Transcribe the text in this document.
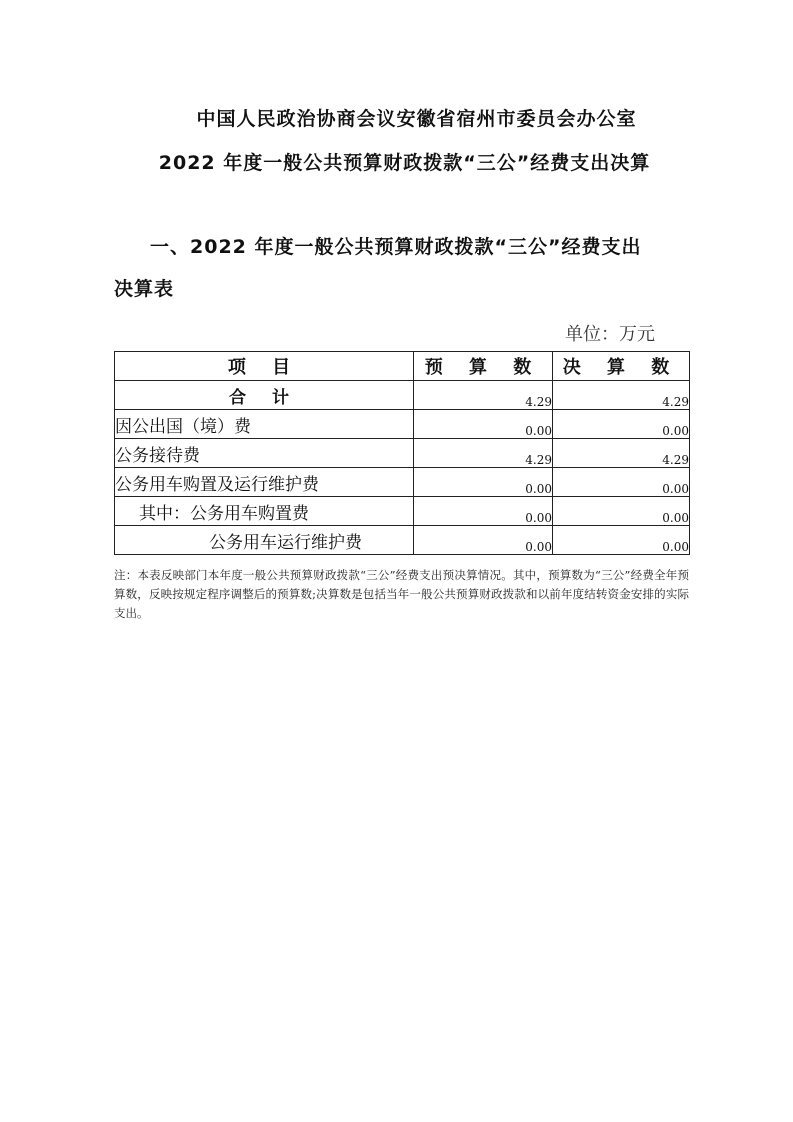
中国人民政治协商会议安徽省宿州市委员会办公室
2022 年度一般公共预算财政拨款“三公”经费支出决算
一、2022 年度一般公共预算财政拨款“三公”经费支出
决算表
单位：万元
项 目	预 算 数	决 算 数
合 计	4.29	4.29
因公出国（境）费	0.00	0.00
公务接待费	4.29	4.29
公务用车购置及运行维护费	0.00	0.00
其中：公务用车购置费	0.00	0.00
公务用车运行维护费	0.00	0.00
注：本表反映部门本年度一般公共预算财政拨款“三公”经费支出预决算情况。其中，预算数为“三公”经费全年预算数，反映按规定程序调整后的预算数;决算数是包括当年一般公共预算财政拨款和以前年度结转资金安排的实际支出。
